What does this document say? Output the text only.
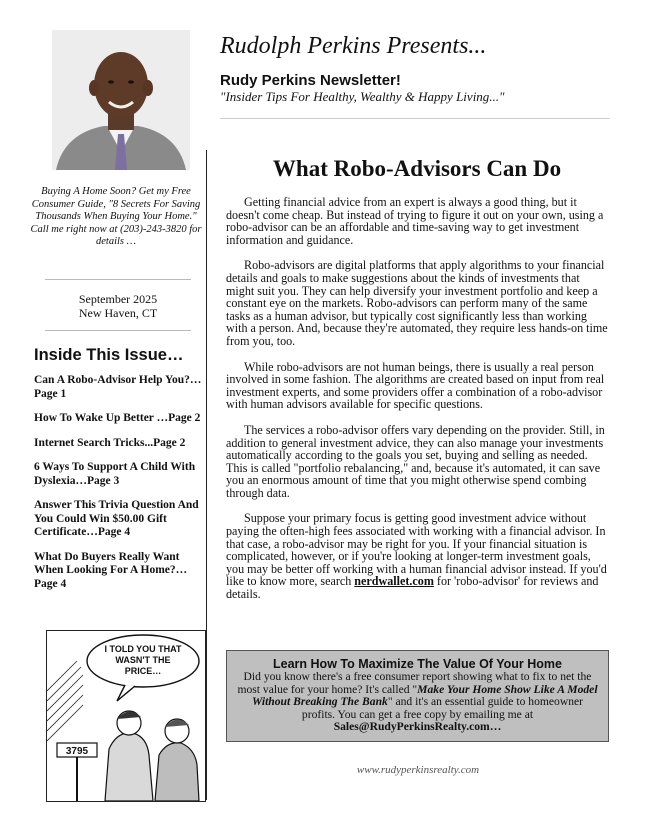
Buying A Home Soon? Get my Free Consumer Guide, "8 Secrets For Saving Thousands When Buying Your Home." Call me right now at (203)-243-3820 for details …
September 2025
New Haven, CT
Inside This Issue…
Can A Robo-Advisor Help You?…Page 1
How To Wake Up Better …Page 2
Internet Search Tricks...Page 2
6 Ways To Support A Child With Dyslexia…Page 3
Answer This Trivia Question And You Could Win $50.00 Gift Certificate…Page 4
What Do Buyers Really Want When Looking For A Home?…Page 4
I TOLD YOU THAT
WASN'T THE
PRICE…
3795
Rudolph Perkins Presents...
Rudy Perkins Newsletter!
"Insider Tips For Healthy, Wealthy & Happy Living..."
What Robo-Advisors Can Do

Getting financial advice from an expert is always a good thing, but it doesn't come cheap. But instead of trying to figure it out on your own, using a robo-advisor can be an affordable and time-saving way to get investment information and guidance.

Robo-advisors are digital platforms that apply algorithms to your financial details and goals to make suggestions about the kinds of investments that might suit you. They can help diversify your investment portfolio and keep a constant eye on the markets. Robo-advisors can perform many of the same tasks as a human advisor, but typically cost significantly less than working with a person. And, because they're automated, they require less hands-on time from you, too.

While robo-advisors are not human beings, there is usually a real person involved in some fashion. The algorithms are created based on input from real investment experts, and some providers offer a combination of a robo-advisor with human advisors available for specific questions.

The services a robo-advisor offers vary depending on the provider. Still, in addition to general investment advice, they can also manage your investments automatically according to the goals you set, buying and selling as needed. This is called "portfolio rebalancing," and, because it's automated, it can save you an enormous amount of time that you might otherwise spend combing through data.

Suppose your primary focus is getting good investment advice without paying the often-high fees associated with working with a financial advisor. In that case, a robo-advisor may be right for you. If your financial situation is complicated, however, or if you're looking at longer-term investment goals, you may be better off working with a human financial advisor instead. If you'd like to know more, search nerdwallet.com for 'robo-advisor' for reviews and details.

Learn How To Maximize The Value Of Your Home
Did you know there's a free consumer report showing what to fix to net the most value for your home? It's called "Make Your Home Show Like A Model Without Breaking The Bank" and it's an essential guide to homeowner profits. You can get a free copy by emailing me at
Sales@RudyPerkinsRealty.com…
www.rudyperkinsrealty.com
